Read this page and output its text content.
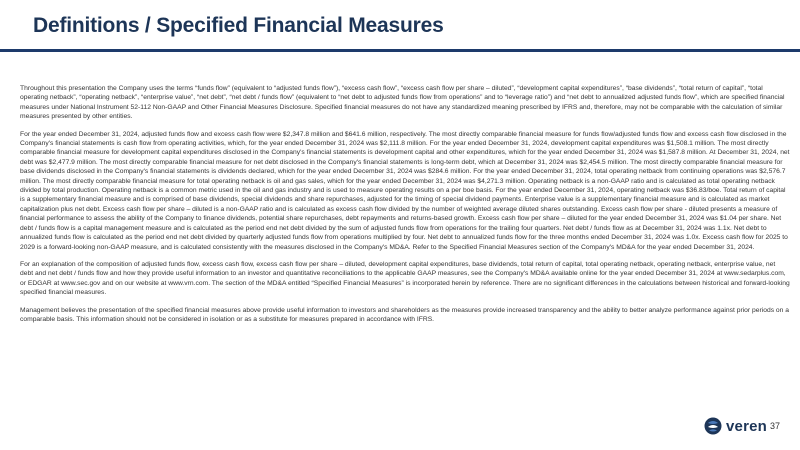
Definitions / Specified Financial Measures

Throughout this presentation the Company uses the terms “funds flow” (equivalent to “adjusted funds flow”), “excess cash flow”, “excess cash flow per share – diluted”, “development capital expenditures”, “base dividends”, “total return of capital”, “total operating netback”, “operating netback”, “enterprise value”, “net debt”, “net debt / funds flow” (equivalent to “net debt to adjusted funds flow from operations” and to “leverage ratio”) and “net debt to annualized adjusted funds flow”, which are specified financial measures under National Instrument 52-112 Non-GAAP and Other Financial Measures Disclosure. Specified financial measures do not have any standardized meaning prescribed by IFRS and, therefore, may not be comparable with the calculation of similar measures presented by other entities.

For the year ended December 31, 2024, adjusted funds flow and excess cash flow were $2,347.8 million and $641.6 million, respectively. The most directly comparable financial measure for funds flow/adjusted funds flow and excess cash flow disclosed in the Company's financial statements is cash flow from operating activities, which, for the year ended December 31, 2024 was $2,111.8 million. For the year ended December 31, 2024, development capital expenditures was $1,508.1 million. The most directly comparable financial measure for development capital expenditures disclosed in the Company's financial statements is development capital and other expenditures, which for the year ended December 31, 2024 was $1,587.8 million. At December 31, 2024, net debt was $2,477.9 million. The most directly comparable financial measure for net debt disclosed in the Company's financial statements is long-term debt, which at December 31, 2024 was $2,454.5 million. The most directly comparable financial measure for base dividends disclosed in the Company's financial statements is dividends declared, which for the year ended December 31, 2024 was $284.6 million. For the year ended December 31, 2024, total operating netback from continuing operations was $2,576.7 million. The most directly comparable financial measure for total operating netback is oil and gas sales, which for the year ended December 31, 2024 was $4,271.3 million. Operating netback is a non-GAAP ratio and is calculated as total operating netback divided by total production. Operating netback is a common metric used in the oil and gas industry and is used to measure operating results on a per boe basis. For the year ended December 31, 2024, operating netback was $36.83/boe. Total return of capital is a supplementary financial measure and is comprised of base dividends, special dividends and share repurchases, adjusted for the timing of special dividend payments. Enterprise value is a supplementary financial measure and is calculated as market capitalization plus net debt. Excess cash flow per share – diluted is a non-GAAP ratio and is calculated as excess cash flow divided by the number of weighted average diluted shares outstanding. Excess cash flow per share - diluted presents a measure of financial performance to assess the ability of the Company to finance dividends, potential share repurchases, debt repayments and returns-based growth. Excess cash flow per share – diluted for the year ended December 31, 2024 was $1.04 per share. Net debt / funds flow is a capital management measure and is calculated as the period end net debt divided by the sum of adjusted funds flow from operations for the trailing four quarters. Net debt / funds flow as at December 31, 2024 was 1.1x. Net debt to annualized funds flow is calculated as the period end net debt divided by quarterly adjusted funds flow from operations multiplied by four. Net debt to annualized funds flow for the three months ended December 31, 2024 was 1.0x. Excess cash flow for 2025 to 2029 is a forward-looking non-GAAP measure, and is calculated consistently with the measures disclosed in the Company's MD&A. Refer to the Specified Financial Measures section of the Company's MD&A for the year ended December 31, 2024.

For an explanation of the composition of adjusted funds flow, excess cash flow, excess cash flow per share – diluted, development capital expenditures, base dividends, total return of capital, total operating netback, operating netback, enterprise value, net debt and net debt / funds flow and how they provide useful information to an investor and quantitative reconciliations to the applicable GAAP measures, see the Company's MD&A available online for the year ended December 31, 2024 at www.sedarplus.com, or EDGAR at www.sec.gov and on our website at www.vrn.com. The section of the MD&A entitled “Specified Financial Measures” is incorporated herein by reference. There are no significant differences in the calculations between historical and forward-looking specified financial measures.

Management believes the presentation of the specified financial measures above provide useful information to investors and shareholders as the measures provide increased transparency and the ability to better analyze performance against prior periods on a comparable basis. This information should not be considered in isolation or as a substitute for measures prepared in accordance with IFRS.

veren 37
